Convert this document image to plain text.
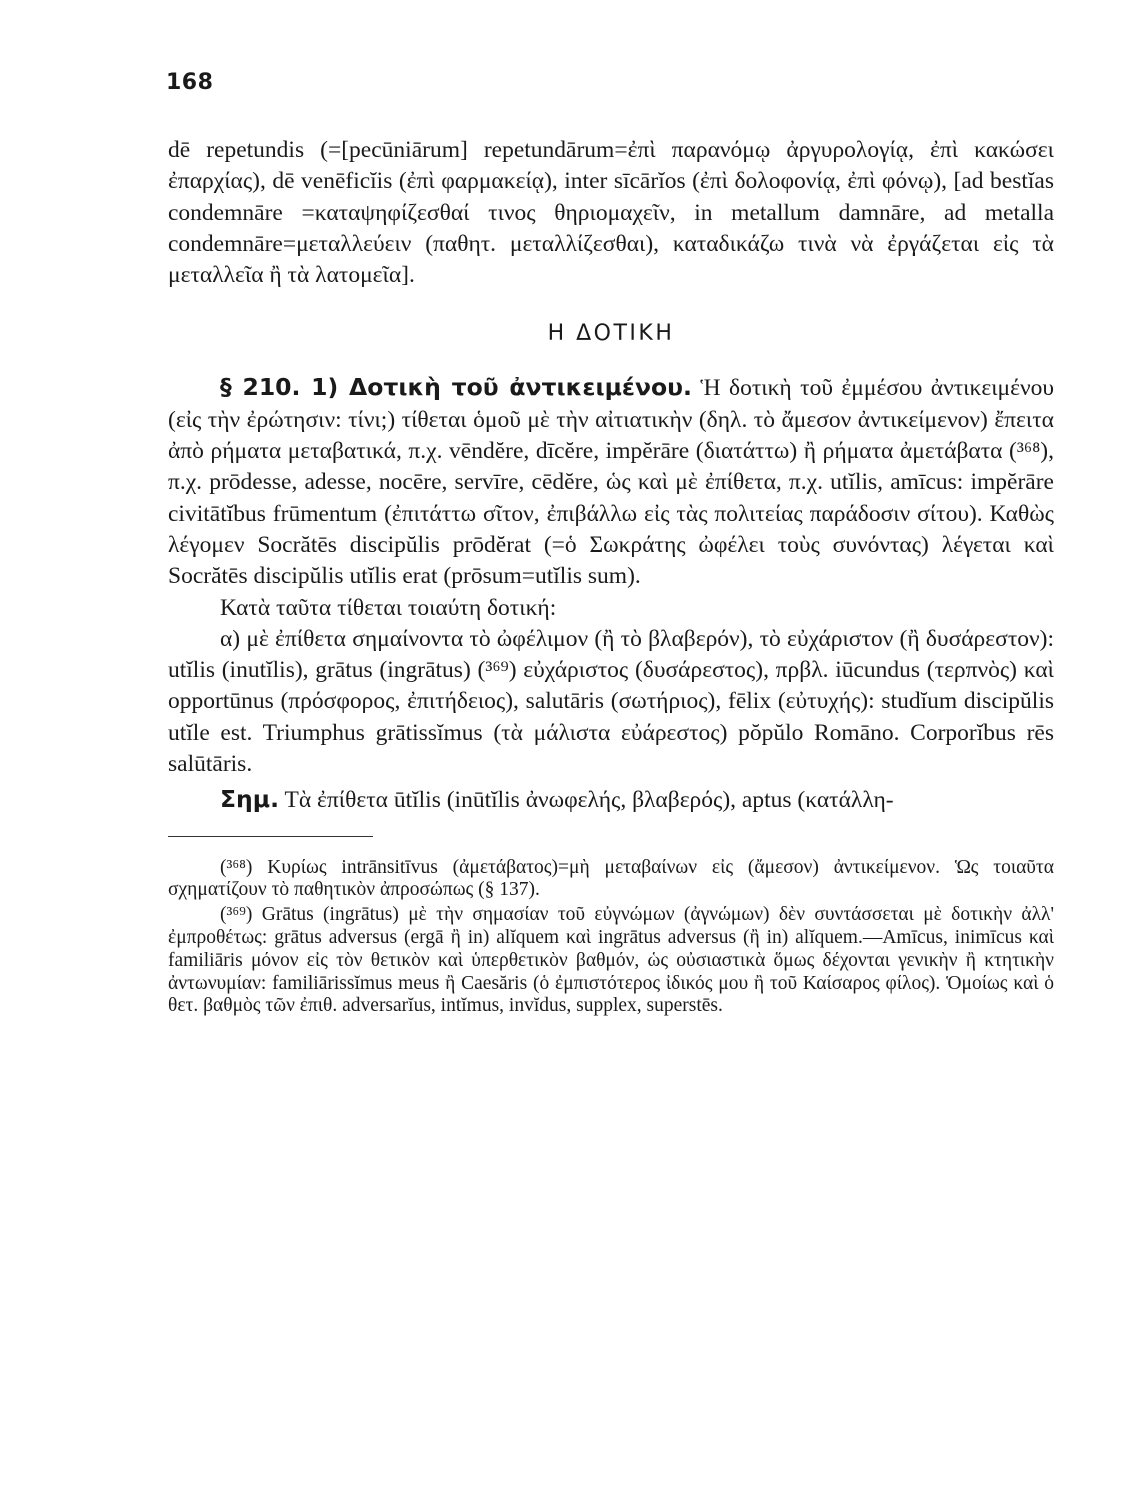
168

dē repetundis (=[pecūniārum] repetundārum=ἐπὶ παρανόμῳ ἀργυρολογίᾳ, ἐπὶ κακώσει ἐπαρχίας), dē venēficĭis (ἐπὶ φαρμακείᾳ), inter sīcārĭos (ἐπὶ δολοφονίᾳ, ἐπὶ φόνῳ), [ad bestĭas condemnāre =καταψηφίζεσθαί τινος θηριομαχεῖν, in metallum damnāre, ad metalla condemnāre=μεταλλεύειν (παθητ. μεταλλίζεσθαι), καταδικάζω τινὰ νὰ ἐργάζεται εἰς τὰ μεταλλεῖα ἢ τὰ λατομεῖα].

Η ΔΟΤΙΚΗ

§ 210. 1) Δοτικὴ τοῦ ἀντικειμένου. Ἡ δοτικὴ τοῦ ἐμμέσου ἀντικειμένου (εἰς τὴν ἐρώτησιν: τίνι;) τίθεται ὁμοῦ μὲ τὴν αἰτιατικὴν (δηλ. τὸ ἄμεσον ἀντικείμενον) ἔπειτα ἀπὸ ρήματα μεταβατικά, π.χ. vēndĕre, dīcĕre, impĕrāre (διατάττω) ἢ ρήματα ἀμετάβατα (³⁶⁸), π.χ. prōdesse, adesse, nocēre, servīre, cēdĕre, ὡς καὶ μὲ ἐπίθετα, π.χ. utĭlis, amīcus: impĕrāre civitātĭbus frūmentum (ἐπιτάττω σῖτον, ἐπιβάλλω εἰς τὰς πολιτείας παράδοσιν σίτου). Καθὼς λέγομεν Socrătēs discipŭlis prōdĕrat (=ὁ Σωκράτης ὠφέλει τοὺς συνόντας) λέγεται καὶ Socrătēs discipŭlis utĭlis erat (prōsum=utĭlis sum).

Κατὰ ταῦτα τίθεται τοιαύτη δοτική:

α) μὲ ἐπίθετα σημαίνοντα τὸ ὠφέλιμον (ἢ τὸ βλαβερόν), τὸ εὐχάριστον (ἢ δυσάρεστον): utĭlis (inutĭlis), grātus (ingrātus) (³⁶⁹) εὐχάριστος (δυσάρεστος), πρβλ. iūcundus (τερπνὸς) καὶ opportūnus (πρόσφορος, ἐπιτήδειος), salutāris (σωτήριος), fēlix (εὐτυχής): studĭum discipŭlis utĭle est. Triumphus grātissĭmus (τὰ μάλιστα εὐάρεστος) pŏpŭlo Romāno. Corporĭbus rēs salūtāris.

Σημ. Τὰ ἐπίθετα ūtĭlis (inūtĭlis ἀνωφελής, βλαβερός), aptus (κατάλλη-

(³⁶⁸) Κυρίως intrānsitīvus (ἀμετάβατος)=μὴ μεταβαίνων εἰς (ἄμεσον) ἀντικείμενον. Ὡς τοιαῦτα σχηματίζουν τὸ παθητικὸν ἀπροσώπως (§ 137).

(³⁶⁹) Grātus (ingrātus) μὲ τὴν σημασίαν τοῦ εὐγνώμων (ἀγνώμων) δὲν συντάσσεται μὲ δοτικὴν ἀλλ' ἐμπροθέτως: grātus adversus (ergā ἢ in) alĭquem καὶ ingrātus adversus (ἢ in) alĭquem.—Amīcus, inimīcus καὶ familiāris μόνον εἰς τὸν θετικὸν καὶ ὑπερθετικὸν βαθμόν, ὡς οὐσιαστικὰ ὅμως δέχονται γενικὴν ἢ κτητικὴν ἀντωνυμίαν: familiārissĭmus meus ἢ Caesăris (ὁ ἐμπιστότερος ἰδικός μου ἢ τοῦ Καίσαρος φίλος). Ὁμοίως καὶ ὁ θετ. βαθμὸς τῶν ἐπιθ. adversarĭus, intĭmus, invĭdus, supplex, superstēs.
